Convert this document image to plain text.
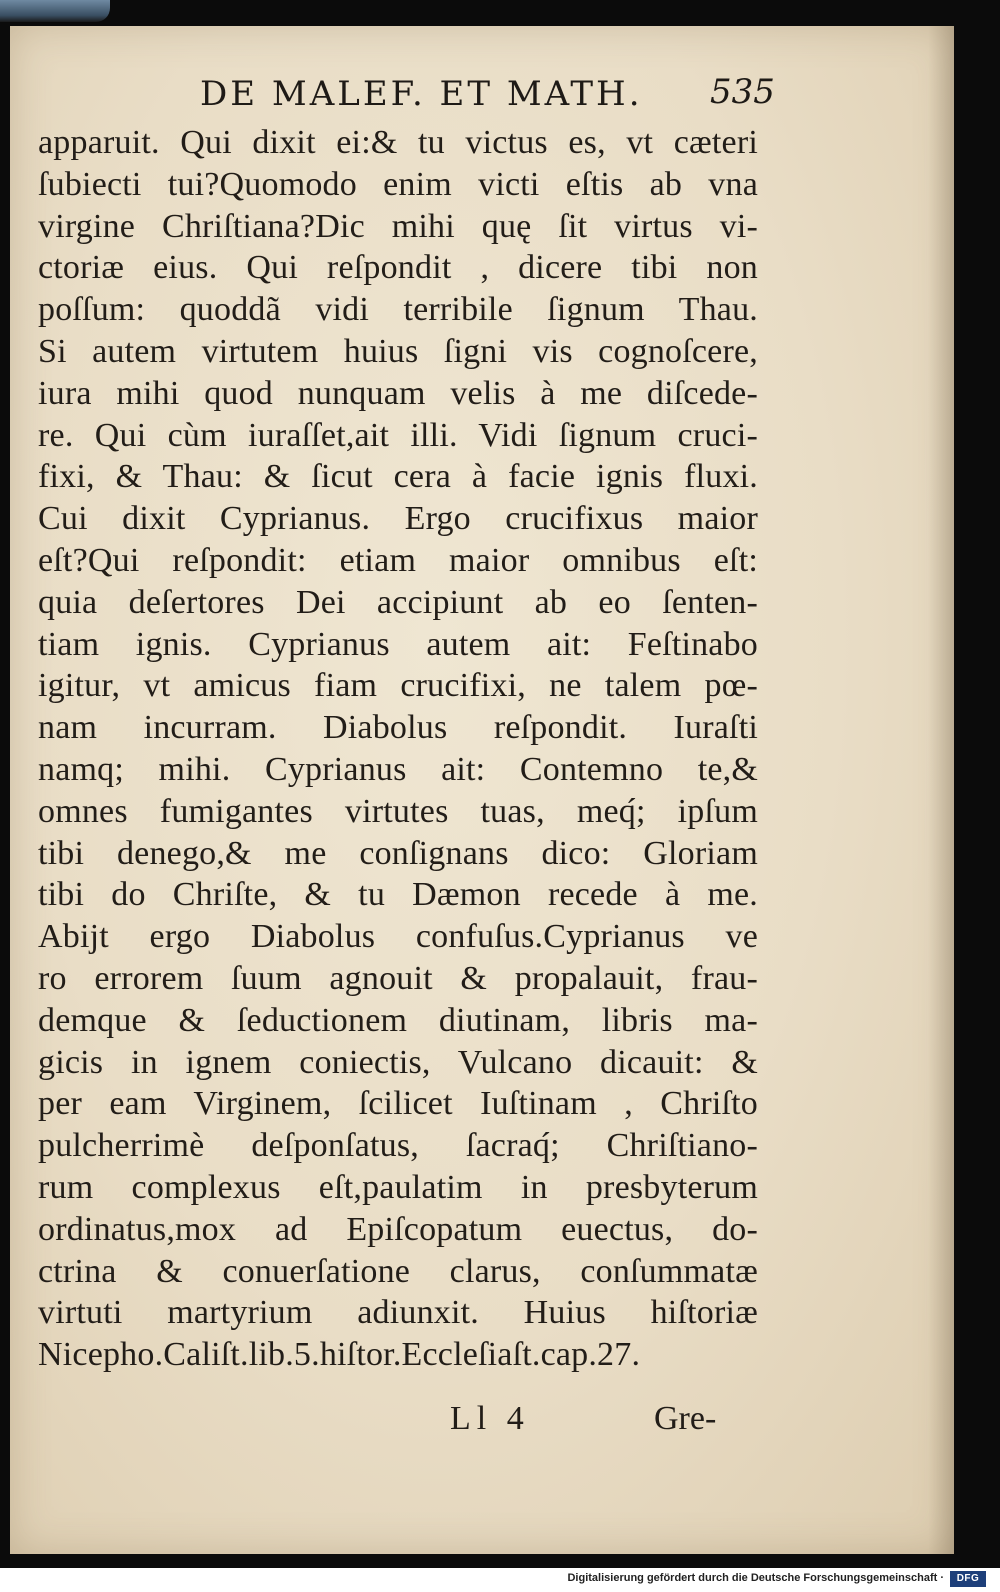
DE MALEF. ET MATH. 535
apparuit. Qui dixit ei:& tu victus es, vt cæteri
ſubiecti tui?Quomodo enim victi eſtis ab vna
virgine Chriſtiana?Dic mihi quę ſit virtus vi-
ctoriæ eius. Qui reſpondit , dicere tibi non
poſſum: quoddã vidi terribile ſignum Thau.
Si autem virtutem huius ſigni vis cognoſcere,
iura mihi quod nunquam velis à me diſcede-
re. Qui cùm iuraſſet,ait illi. Vidi ſignum cruci-
fixi, & Thau: & ſicut cera à facie ignis fluxi.
Cui dixit Cyprianus. Ergo crucifixus maior
eſt?Qui reſpondit: etiam maior omnibus eſt:
quia deſertores Dei accipiunt ab eo ſenten-
tiam ignis. Cyprianus autem ait: Feſtinabo
igitur, vt amicus fiam crucifixi, ne talem pœ-
nam incurram. Diabolus reſpondit. Iuraſti
namq; mihi. Cyprianus ait: Contemno te,&
omnes fumigantes virtutes tuas, meq́; ipſum
tibi denego,& me conſignans dico: Gloriam
tibi do Chriſte, & tu Dæmon recede à me.
Abijt ergo Diabolus confuſus.Cyprianus ve
ro errorem ſuum agnouit & propalauit, frau-
demque & ſeductionem diutinam, libris ma-
gicis in ignem coniectis, Vulcano dicauit: &
per eam Virginem, ſcilicet Iuſtinam , Chriſto
pulcherrimè deſponſatus, ſacraq́; Chriſtiano-
rum complexus eſt,paulatim in presbyterum
ordinatus,mox ad Epiſcopatum euectus, do-
ctrina & conuerſatione clarus, conſummatæ
virtuti martyrium adiunxit. Huius hiſtoriæ
Nicepho.Caliſt.lib.5.hiſtor.Eccleſiaſt.cap.27.
Ll 4	Gre-
Digitalisierung gefördert durch die Deutsche Forschungsgemeinschaft ·	DFG
